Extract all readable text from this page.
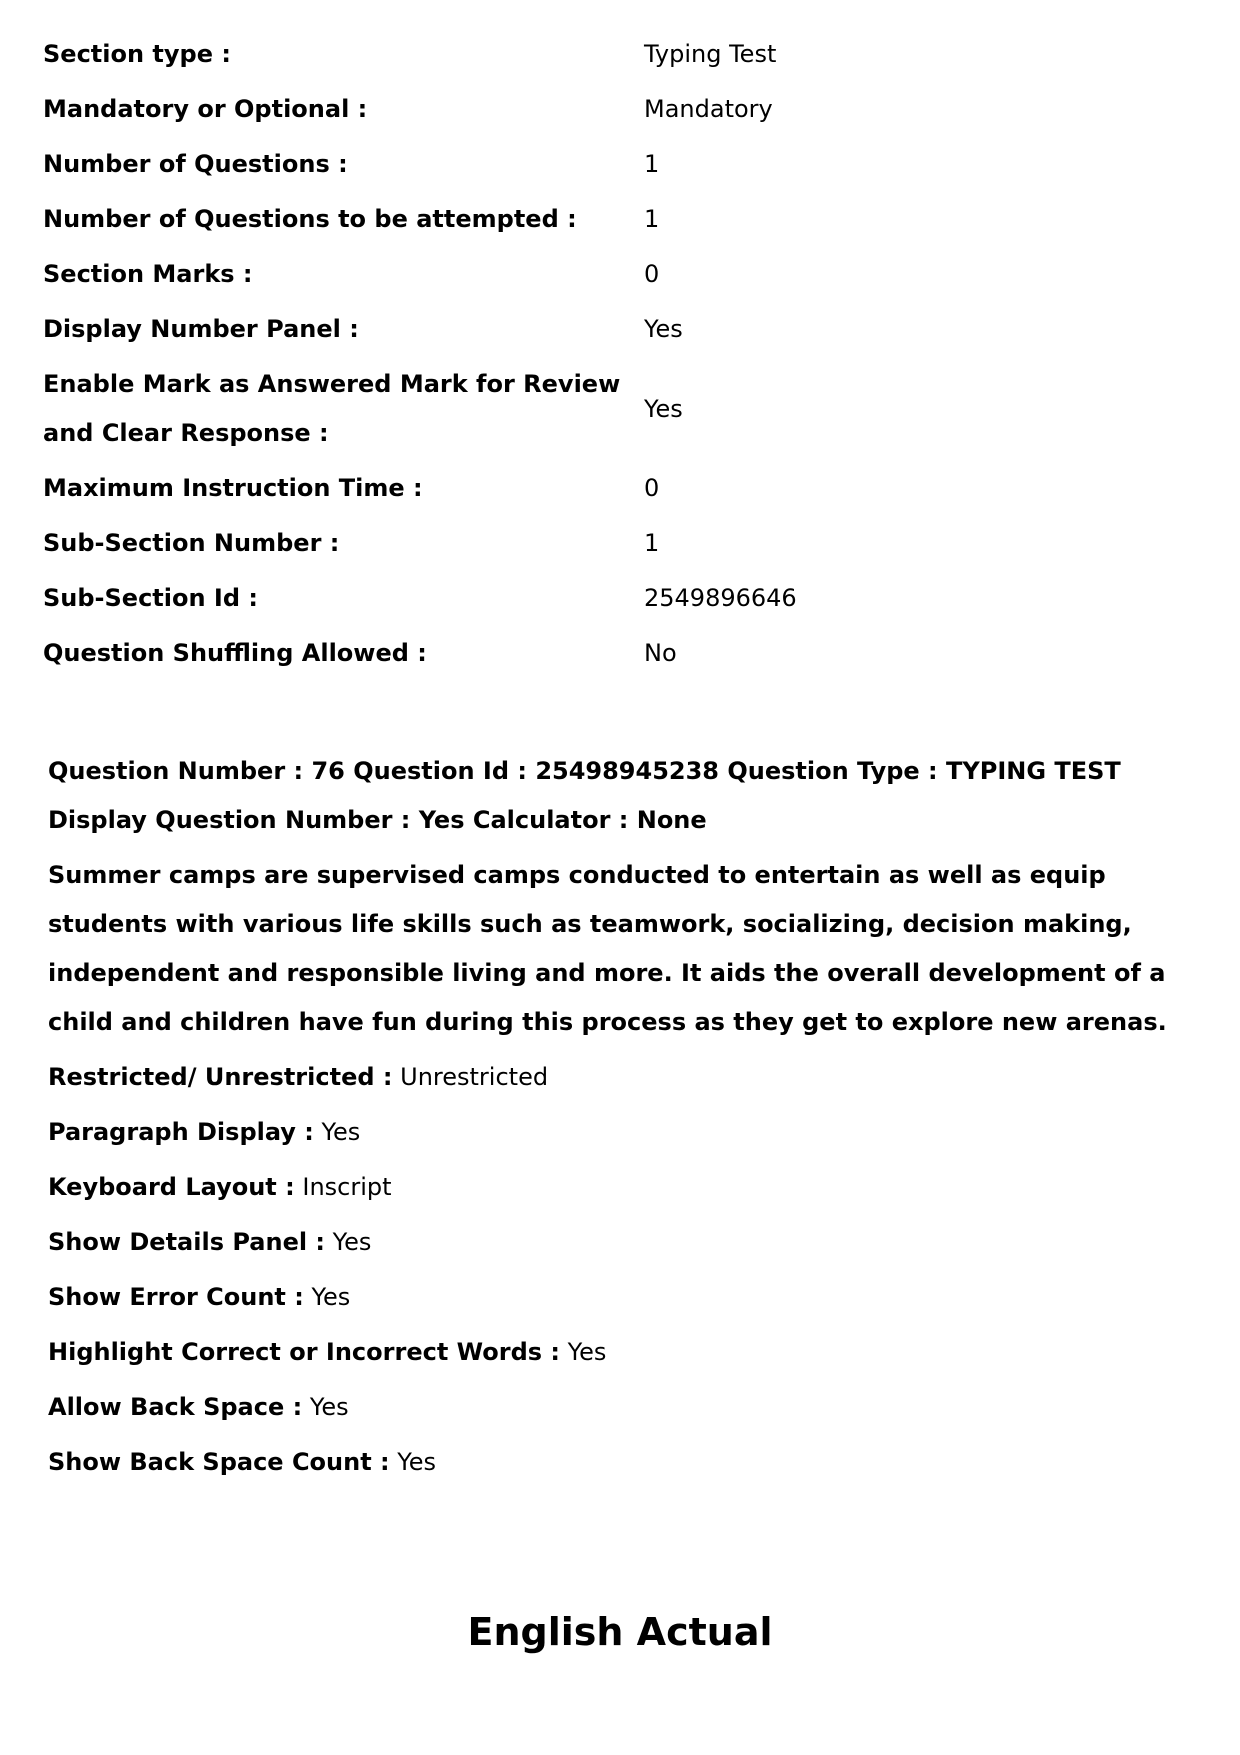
Section type :	Typing Test
Mandatory or Optional :	Mandatory
Number of Questions :	1
Number of Questions to be attempted :	1
Section Marks :	0
Display Number Panel :	Yes
Enable Mark as Answered Mark for Review and Clear Response :	Yes
Maximum Instruction Time :	0
Sub-Section Number :	1
Sub-Section Id :	2549896646
Question Shuffling Allowed :	No

Question Number : 76 Question Id : 25498945238 Question Type : TYPING TEST Display Question Number : Yes Calculator : None

Summer camps are supervised camps conducted to entertain as well as equip students with various life skills such as teamwork, socializing, decision making, independent and responsible living and more. It aids the overall development of a child and children have fun during this process as they get to explore new arenas.

Restricted/ Unrestricted : Unrestricted
Paragraph Display : Yes
Keyboard Layout : Inscript
Show Details Panel : Yes
Show Error Count : Yes
Highlight Correct or Incorrect Words : Yes
Allow Back Space : Yes
Show Back Space Count : Yes
English Actual
